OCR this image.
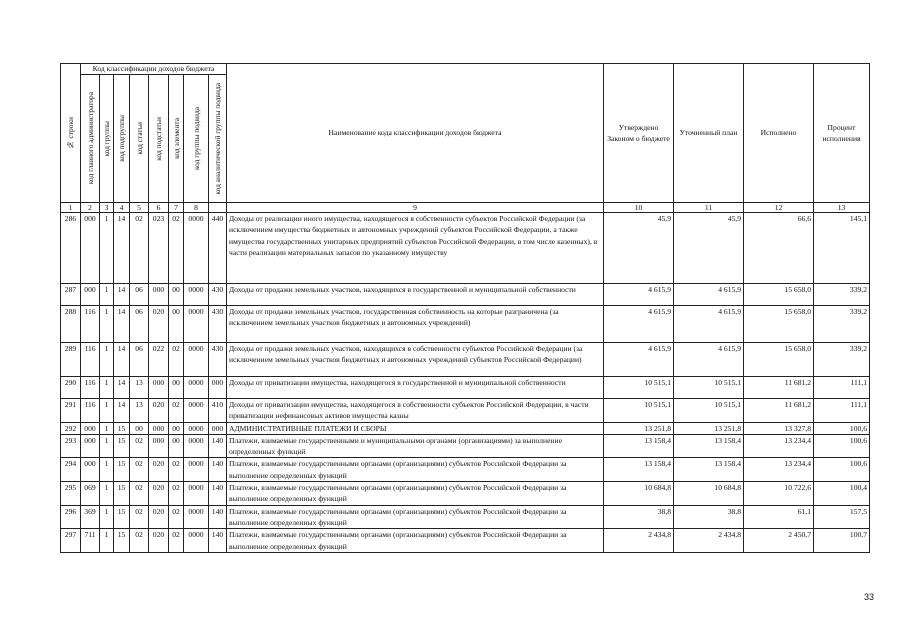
№ строки	Код классификации доходов бюджета								Наименование кода классификации доходов бюджета	Утверждено Законом о бюджете	Уточненный план	Исполнено	Процент исполнения

	код главного администратора	код группы	код подгруппы	код статьи	код подстатьи	код элемента	код группы подвида	код аналитической группы подвида					

1	2	3	4	5	6	7	8		9	10	11	12	13
286	000	1	14	02	023	02	0000	440	Доходы от реализации иного имущества, находящегося в собственности субъектов Российской Федерации (за исключением имущества бюджетных и автономных учреждений субъектов Российской Федерации, а также имущества государственных унитарных предприятий субъектов Российской Федерации, в том числе казенных), в части реализации материальных запасов по указанному имуществу	45,9	45,9	66,6	145,1
287	000	1	14	06	000	00	0000	430	Доходы от продажи земельных участков, находящихся в государственной и муниципальной собственности	4 615,9	4 615,9	15 658,0	339,2
288	116	1	14	06	020	00	0000	430	Доходы от продажи земельных участков, государственная собственность на которые разграничена (за исключением земельных участков бюджетных и автономных учреждений)	4 615,9	4 615,9	15 658,0	339,2
289	116	1	14	06	022	02	0000	430	Доходы от продажи земельных участков, находящихся в собственности субъектов Российской Федерации (за исключением земельных участков бюджетных и автономных учреждений субъектов Российской Федерации)	4 615,9	4 615,9	15 658,0	339,2
290	116	1	14	13	000	00	0000	000	Доходы от приватизации имущества, находящегося в государственной и муниципальной собственности	10 515,1	10 515,1	11 681,2	111,1
291	116	1	14	13	020	02	0000	410	Доходы от приватизации имущества, находящегося в собственности субъектов Российской Федерации, в части приватизации нефинансовых активов имущества казны	10 515,1	10 515,1	11 681,2	111,1
292	000	1	15	00	000	00	0000	000	АДМИНИСТРАТИВНЫЕ ПЛАТЕЖИ И СБОРЫ	13 251,8	13 251,8	13 327,8	100,6
293	000	1	15	02	000	00	0000	140	Платежи, взимаемые государственными и муниципальными органами (организациями) за выполнение определенных функций	13 158,4	13 158,4	13 234,4	100,6
294	000	1	15	02	020	02	0000	140	Платежи, взимаемые государственными органами (организациями) субъектов Российской Федерации за выполнение определенных функций	13 158,4	13 158,4	13 234,4	100,6
295	069	1	15	02	020	02	0000	140	Платежи, взимаемые государственными органами (организациями) субъектов Российской Федерации за выполнение определенных функций	10 684,8	10 684,8	10 722,6	100,4
296	369	1	15	02	020	02	0000	140	Платежи, взимаемые государственными органами (организациями) субъектов Российской Федерации за выполнение определенных функций	38,8	38,8	61,1	157,5
297	711	1	15	02	020	02	0000	140	Платежи, взимаемые государственными органами (организациями) субъектов Российской Федерации за выполнение определенных функций	2 434,8	2 434,8	2 450,7	100,7
33
